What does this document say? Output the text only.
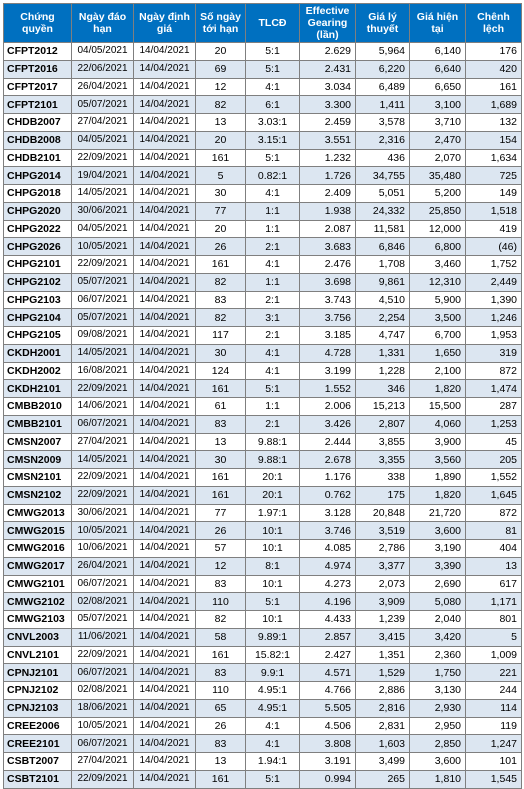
Chứng quyền	Ngày đáo hạn	Ngày định giá	Số ngày tới hạn	TLCĐ	Effective Gearing (lần)	Giá lý thuyết	Giá hiện tại	Chênh lệch
CFPT2012	04/05/2021	14/04/2021	20	5:1	2.629	5,964	6,140	176
CFPT2016	22/06/2021	14/04/2021	69	5:1	2.431	6,220	6,640	420
CFPT2017	26/04/2021	14/04/2021	12	4:1	3.034	6,489	6,650	161
CFPT2101	05/07/2021	14/04/2021	82	6:1	3.300	1,411	3,100	1,689
CHDB2007	27/04/2021	14/04/2021	13	3.03:1	2.459	3,578	3,710	132
CHDB2008	04/05/2021	14/04/2021	20	3.15:1	3.551	2,316	2,470	154
CHDB2101	22/09/2021	14/04/2021	161	5:1	1.232	436	2,070	1,634
CHPG2014	19/04/2021	14/04/2021	5	0.82:1	1.726	34,755	35,480	725
CHPG2018	14/05/2021	14/04/2021	30	4:1	2.409	5,051	5,200	149
CHPG2020	30/06/2021	14/04/2021	77	1:1	1.938	24,332	25,850	1,518
CHPG2022	04/05/2021	14/04/2021	20	1:1	2.087	11,581	12,000	419
CHPG2026	10/05/2021	14/04/2021	26	2:1	3.683	6,846	6,800	(46)
CHPG2101	22/09/2021	14/04/2021	161	4:1	2.476	1,708	3,460	1,752
CHPG2102	05/07/2021	14/04/2021	82	1:1	3.698	9,861	12,310	2,449
CHPG2103	06/07/2021	14/04/2021	83	2:1	3.743	4,510	5,900	1,390
CHPG2104	05/07/2021	14/04/2021	82	3:1	3.756	2,254	3,500	1,246
CHPG2105	09/08/2021	14/04/2021	117	2:1	3.185	4,747	6,700	1,953
CKDH2001	14/05/2021	14/04/2021	30	4:1	4.728	1,331	1,650	319
CKDH2002	16/08/2021	14/04/2021	124	4:1	3.199	1,228	2,100	872
CKDH2101	22/09/2021	14/04/2021	161	5:1	1.552	346	1,820	1,474
CMBB2010	14/06/2021	14/04/2021	61	1:1	2.006	15,213	15,500	287
CMBB2101	06/07/2021	14/04/2021	83	2:1	3.426	2,807	4,060	1,253
CMSN2007	27/04/2021	14/04/2021	13	9.88:1	2.444	3,855	3,900	45
CMSN2009	14/05/2021	14/04/2021	30	9.88:1	2.678	3,355	3,560	205
CMSN2101	22/09/2021	14/04/2021	161	20:1	1.176	338	1,890	1,552
CMSN2102	22/09/2021	14/04/2021	161	20:1	0.762	175	1,820	1,645
CMWG2013	30/06/2021	14/04/2021	77	1.97:1	3.128	20,848	21,720	872
CMWG2015	10/05/2021	14/04/2021	26	10:1	3.746	3,519	3,600	81
CMWG2016	10/06/2021	14/04/2021	57	10:1	4.085	2,786	3,190	404
CMWG2017	26/04/2021	14/04/2021	12	8:1	4.974	3,377	3,390	13
CMWG2101	06/07/2021	14/04/2021	83	10:1	4.273	2,073	2,690	617
CMWG2102	02/08/2021	14/04/2021	110	5:1	4.196	3,909	5,080	1,171
CMWG2103	05/07/2021	14/04/2021	82	10:1	4.433	1,239	2,040	801
CNVL2003	11/06/2021	14/04/2021	58	9.89:1	2.857	3,415	3,420	5
CNVL2101	22/09/2021	14/04/2021	161	15.82:1	2.427	1,351	2,360	1,009
CPNJ2101	06/07/2021	14/04/2021	83	9.9:1	4.571	1,529	1,750	221
CPNJ2102	02/08/2021	14/04/2021	110	4.95:1	4.766	2,886	3,130	244
CPNJ2103	18/06/2021	14/04/2021	65	4.95:1	5.505	2,816	2,930	114
CREE2006	10/05/2021	14/04/2021	26	4:1	4.506	2,831	2,950	119
CREE2101	06/07/2021	14/04/2021	83	4:1	3.808	1,603	2,850	1,247
CSBT2007	27/04/2021	14/04/2021	13	1.94:1	3.191	3,499	3,600	101
CSBT2101	22/09/2021	14/04/2021	161	5:1	0.994	265	1,810	1,545
